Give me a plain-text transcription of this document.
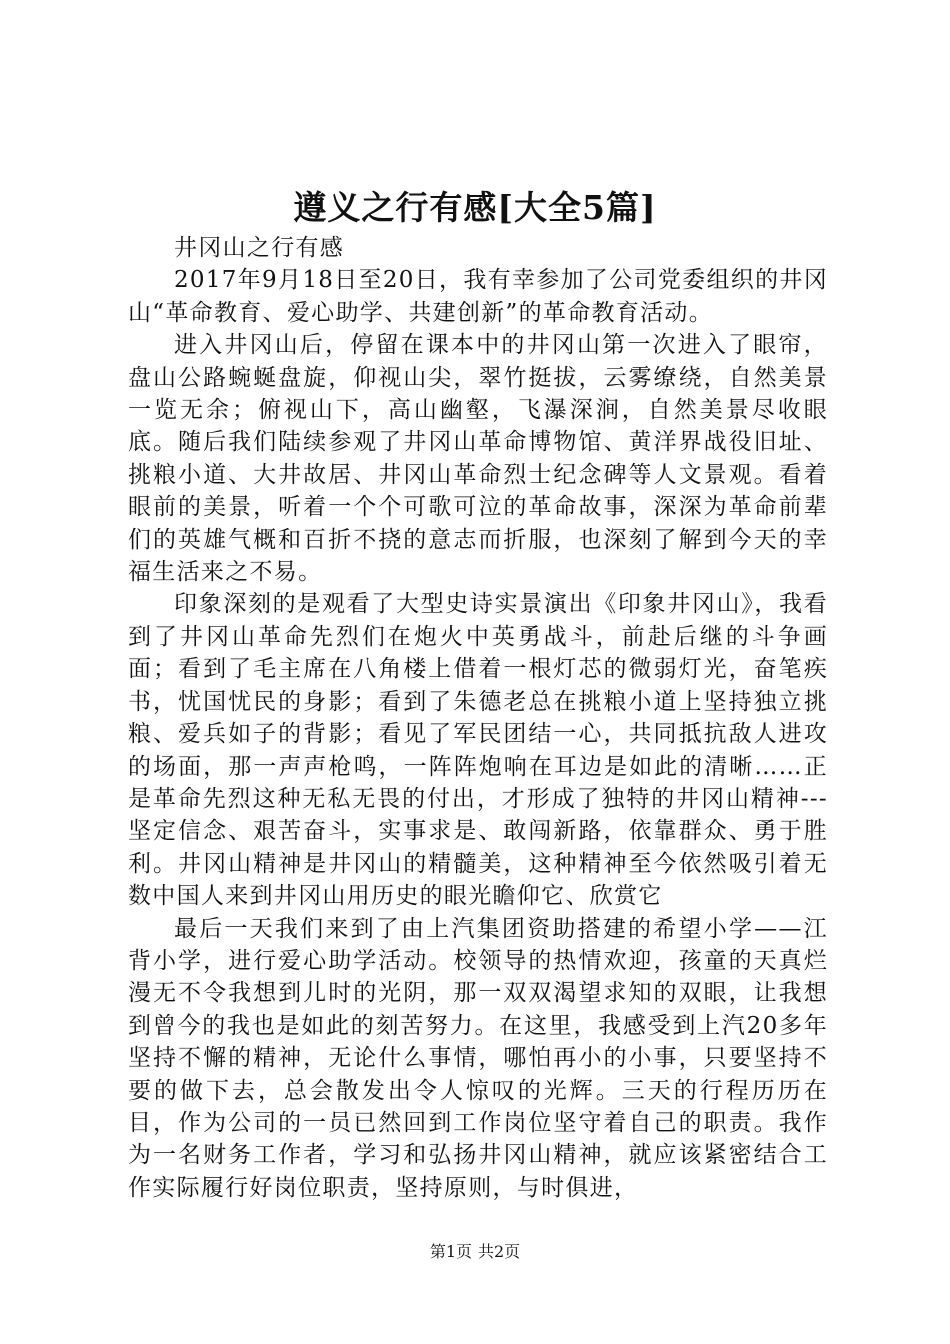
遵义之行有感[大全5篇]

井冈山之行有感

2017年9月18日至20日，我有幸参加了公司党委组织的井冈山“革命教育、爱心助学、共建创新”的革命教育活动。

进入井冈山后，停留在课本中的井冈山第一次进入了眼帘，盘山公路蜿蜒盘旋，仰视山尖，翠竹挺拔，云雾缭绕，自然美景一览无余；俯视山下，高山幽壑，飞瀑深涧，自然美景尽收眼底。随后我们陆续参观了井冈山革命博物馆、黄洋界战役旧址、挑粮小道、大井故居、井冈山革命烈士纪念碑等人文景观。看着眼前的美景，听着一个个可歌可泣的革命故事，深深为革命前辈们的英雄气概和百折不挠的意志而折服，也深刻了解到今天的幸福生活来之不易。

印象深刻的是观看了大型史诗实景演出《印象井冈山》，我看到了井冈山革命先烈们在炮火中英勇战斗，前赴后继的斗争画面；看到了毛主席在八角楼上借着一根灯芯的微弱灯光，奋笔疾书，忧国忧民的身影；看到了朱德老总在挑粮小道上坚持独立挑粮、爱兵如子的背影；看见了军民团结一心，共同抵抗敌人进攻的场面，那一声声枪鸣，一阵阵炮响在耳边是如此的清晰……正是革命先烈这种无私无畏的付出，才形成了独特的井冈山精神---坚定信念、艰苦奋斗，实事求是、敢闯新路，依靠群众、勇于胜利。井冈山精神是井冈山的精髓美，这种精神至今依然吸引着无数中国人来到井冈山用历史的眼光瞻仰它、欣赏它

最后一天我们来到了由上汽集团资助搭建的希望小学——江背小学，进行爱心助学活动。校领导的热情欢迎，孩童的天真烂漫无不令我想到儿时的光阴，那一双双渴望求知的双眼，让我想到曾今的我也是如此的刻苦努力。在这里，我感受到上汽20多年坚持不懈的精神，无论什么事情，哪怕再小的小事，只要坚持不要的做下去，总会散发出令人惊叹的光辉。三天的行程历历在目，作为公司的一员已然回到工作岗位坚守着自己的职责。我作为一名财务工作者，学习和弘扬井冈山精神，就应该紧密结合工作实际履行好岗位职责，坚持原则，与时俱进，

第1页 共2页
